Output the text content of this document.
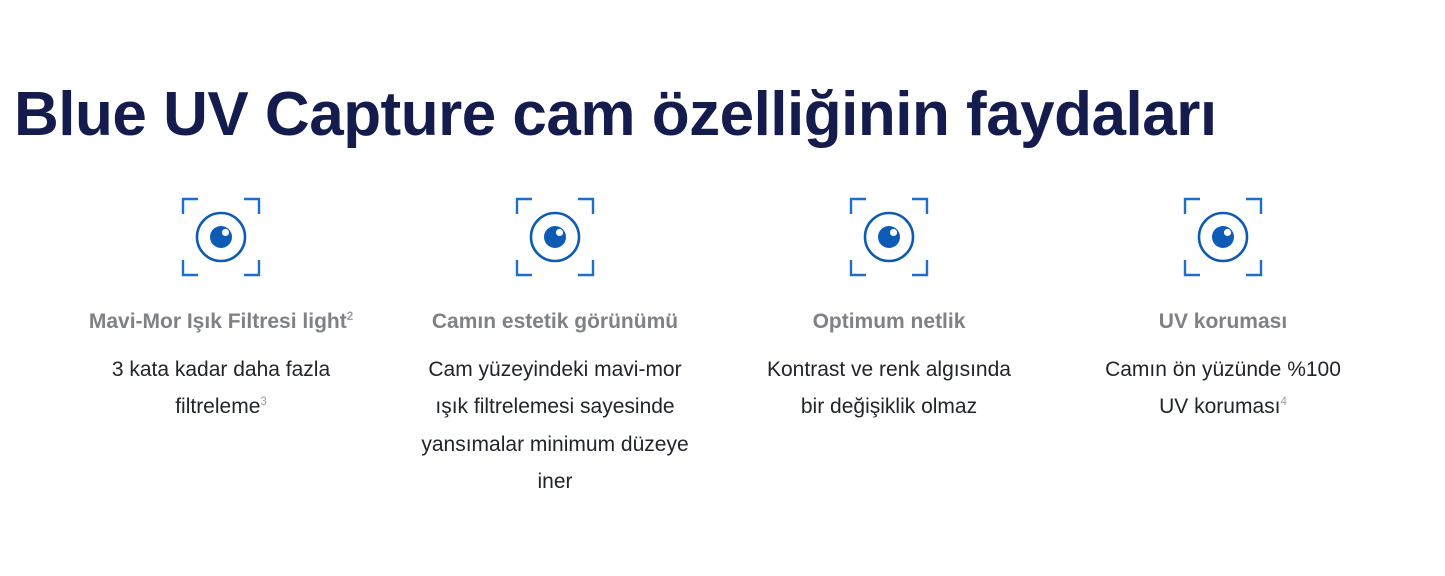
Blue UV Capture cam özelliğinin faydaları
Mavi-Mor Işık Filtresi light$^2$
3 kata kadar daha fazla filtreleme$^3$
Camın estetik görünümü
Cam yüzeyindeki mavi-mor ışık filtrelemesi sayesinde yansımalar minimum düzeye iner
Optimum netlik
Kontrast ve renk algısında bir değişiklik olmaz
UV koruması
Camın ön yüzünde %100 UV koruması$^4$
